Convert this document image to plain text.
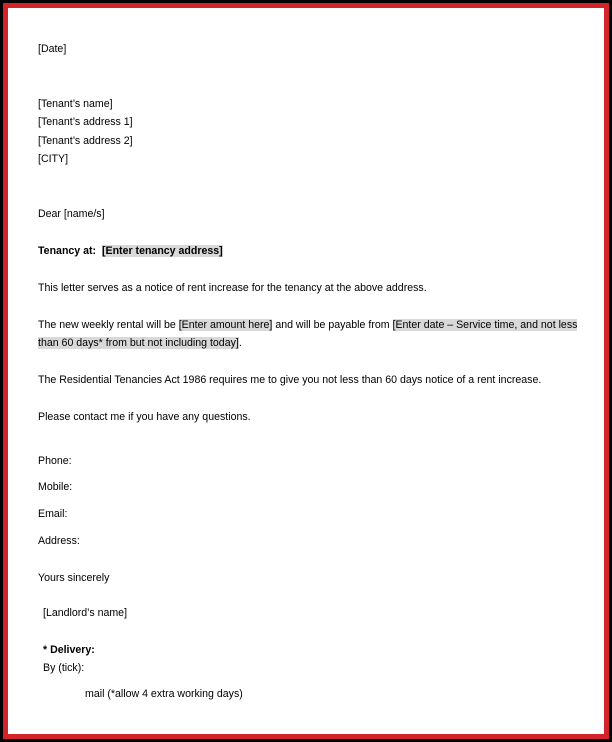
[Date]
[Tenant’s name]
[Tenant’s address 1]
[Tenant’s address 2]
[CITY]
Dear [name/s]
Tenancy at: [Enter tenancy address]
This letter serves as a notice of rent increase for the tenancy at the above address.
The new weekly rental will be [Enter amount here] and will be payable from [Enter date – Service time, and not less
than 60 days* from but not including today].
The Residential Tenancies Act 1986 requires me to give you not less than 60 days notice of a rent increase.
Please contact me if you have any questions.
Phone:
Mobile:
Email:
Address:
Yours sincerely
[Landlord’s name]
* Delivery:
By (tick):
mail (*allow 4 extra working days)
